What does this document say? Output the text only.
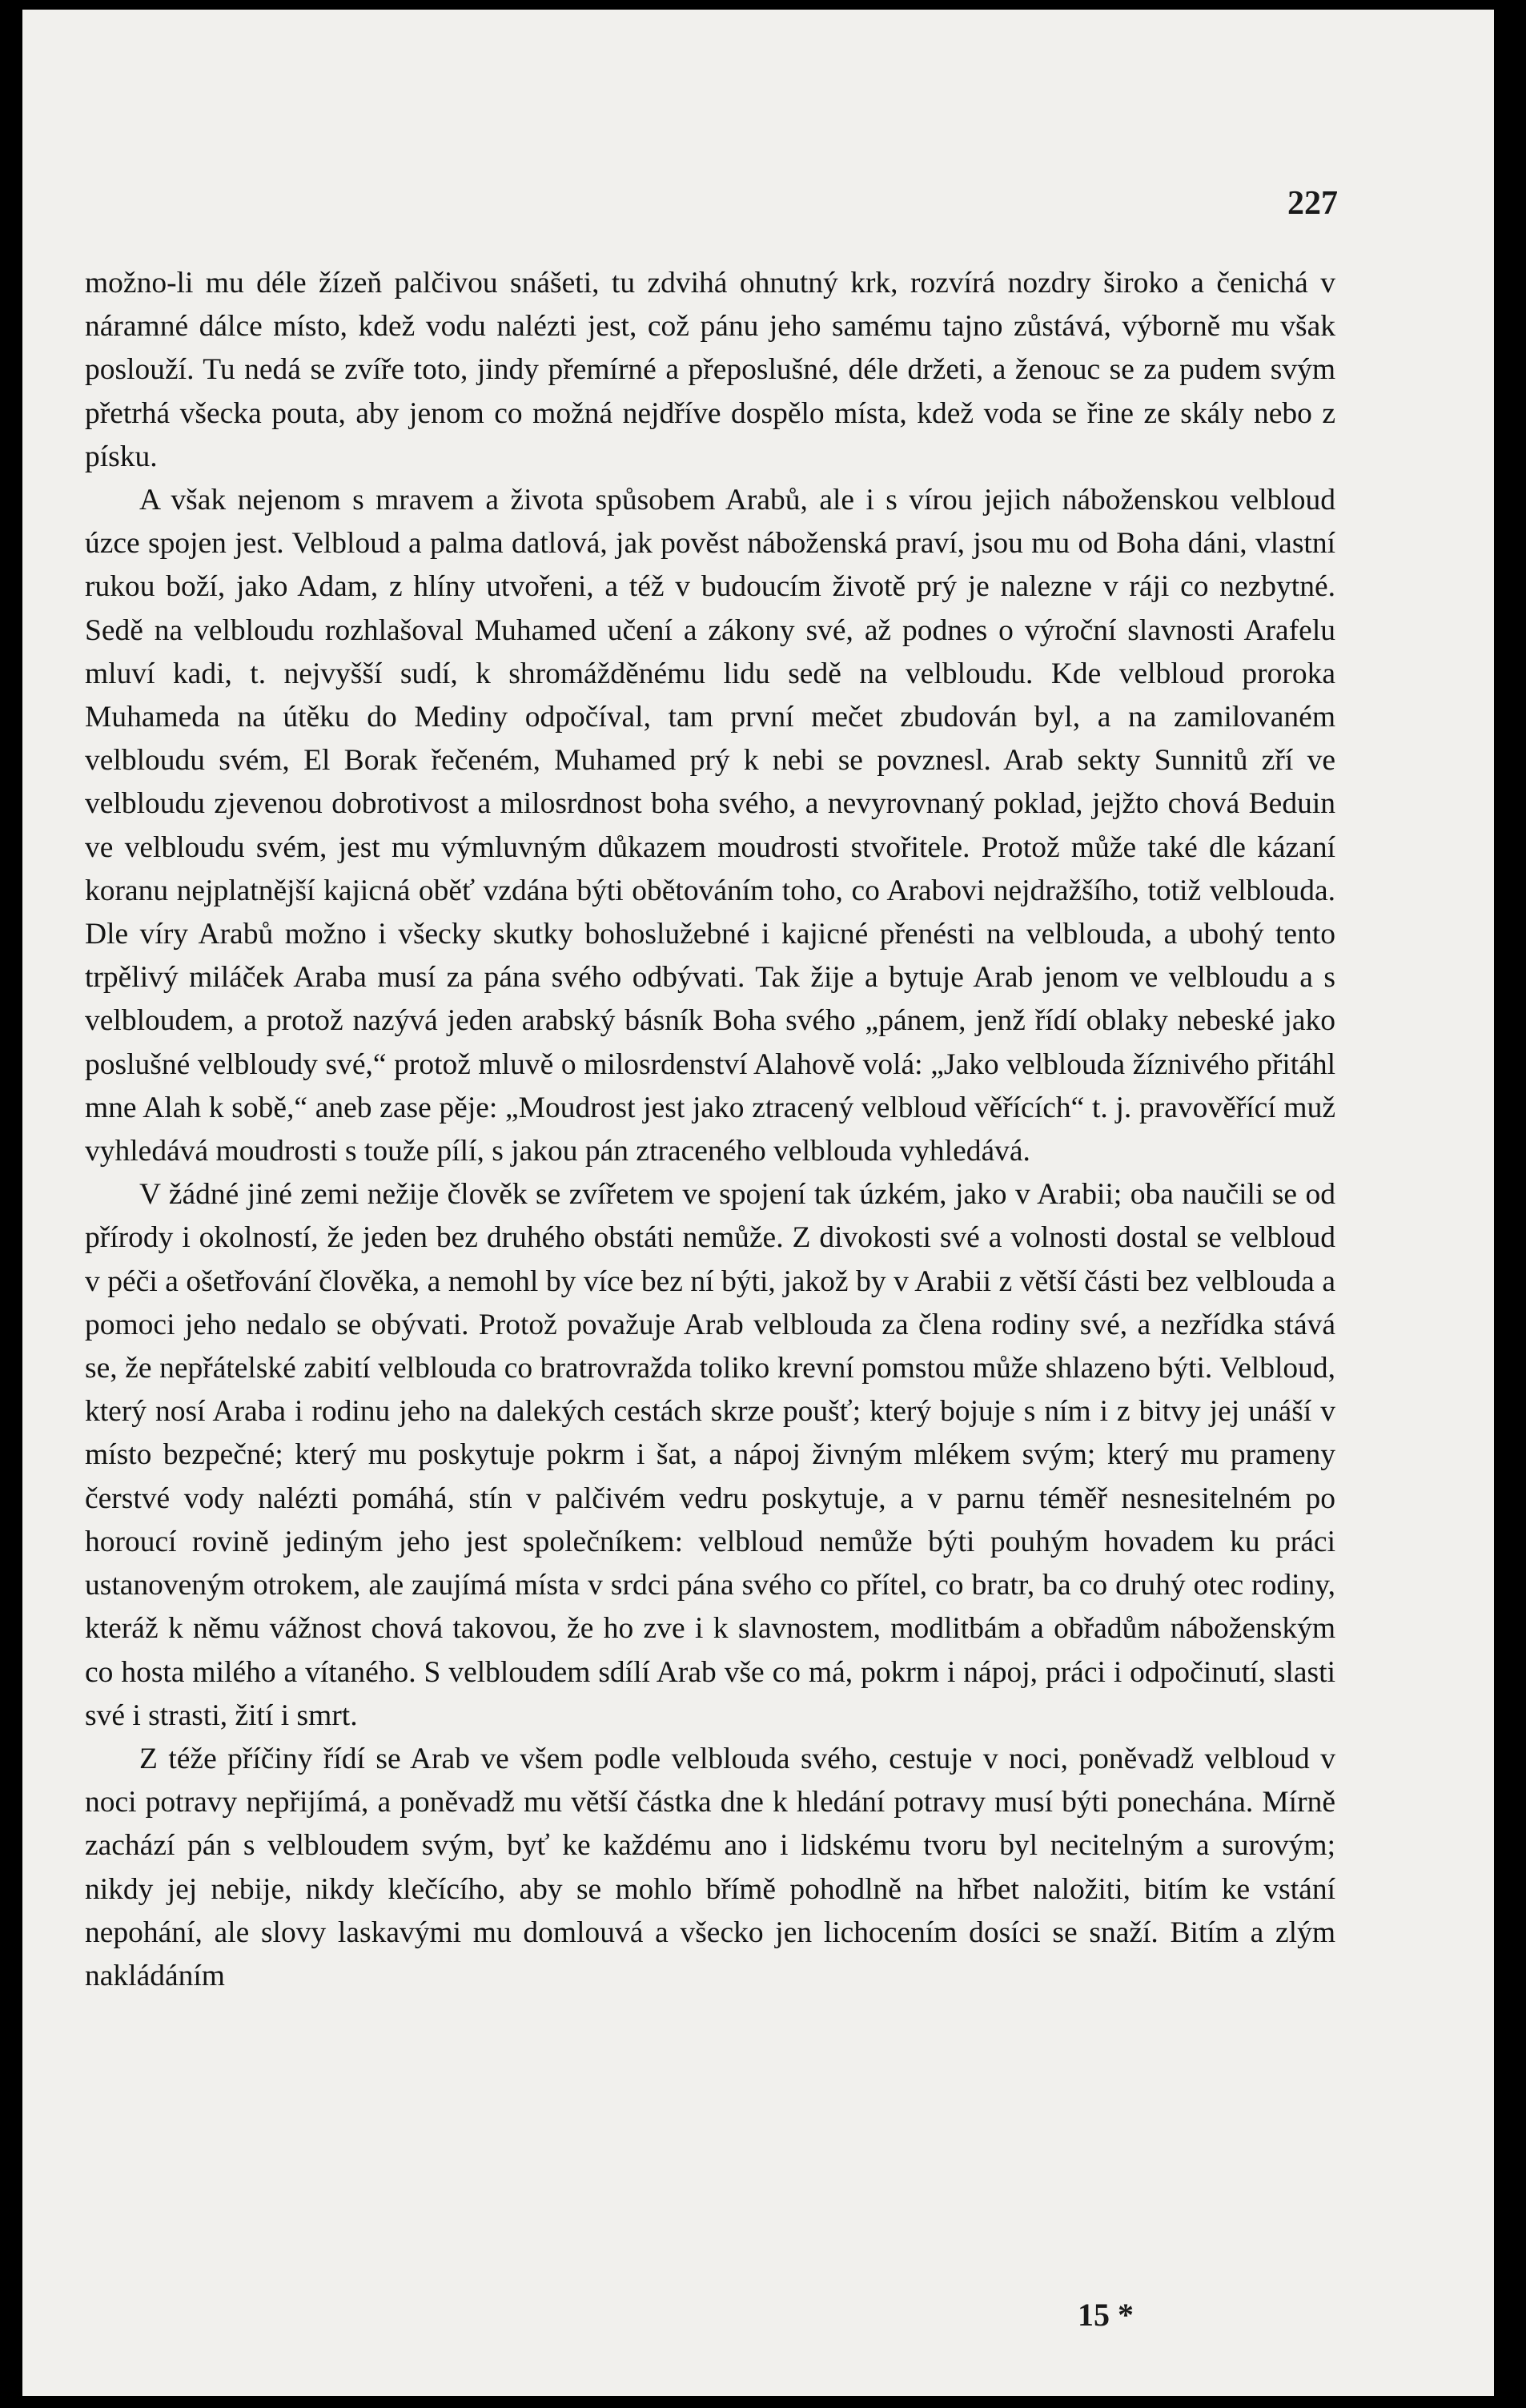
227

možno-li mu déle žízeň palčivou snášeti, tu zdvihá ohnutný krk, rozvírá nozdry široko a čenichá v náramné dálce místo, kdež vodu nalézti jest, což pánu jeho samému tajno zůstává, výborně mu však poslouží. Tu nedá se zvíře toto, jindy přemírné a přeposlušné, déle držeti, a ženouc se za pudem svým přetrhá všecka pouta, aby jenom co možná nejdříve dospělo místa, kdež voda se řine ze skály nebo z písku.

A však nejenom s mravem a života spůsobem Arabů, ale i s vírou jejich náboženskou velbloud úzce spojen jest. Velbloud a palma datlová, jak pověst náboženská praví, jsou mu od Boha dáni, vlastní rukou boží, jako Adam, z hlíny utvořeni, a též v budoucím životě prý je nalezne v ráji co nezbytné. Sedě na velbloudu rozhlašoval Muhamed učení a zákony své, až podnes o výroční slavnosti Arafelu mluví kadi, t. nejvyšší sudí, k shromážděnému lidu sedě na velbloudu. Kde velbloud proroka Muhameda na útěku do Mediny odpočíval, tam první mečet zbudován byl, a na zamilovaném velbloudu svém, El Borak řečeném, Muhamed prý k nebi se povznesl. Arab sekty Sunnitů zří ve velbloudu zjevenou dobrotivost a milosrdnost boha svého, a nevyrovnaný poklad, jejžto chová Beduin ve velbloudu svém, jest mu výmluvným důkazem moudrosti stvořitele. Protož může také dle kázaní koranu nejplatnější kajicná oběť vzdána býti obětováním toho, co Arabovi nejdražšího, totiž velblouda. Dle víry Arabů možno i všecky skutky bohoslužebné i kajicné přenésti na velblouda, a ubohý tento trpělivý miláček Araba musí za pána svého odbývati. Tak žije a bytuje Arab jenom ve velbloudu a s velbloudem, a protož nazývá jeden arabský básník Boha svého „pánem, jenž řídí oblaky nebeské jako poslušné velbloudy své,“ protož mluvě o milosrdenství Alahově volá: „Jako velblouda žíznivého přitáhl mne Alah k sobě,“ aneb zase pěje: „Moudrost jest jako ztracený velbloud věřících“ t. j. pravověřící muž vyhledává moudrosti s touže pílí, s jakou pán ztraceného velblouda vyhledává.

V žádné jiné zemi nežije člověk se zvířetem ve spojení tak úzkém, jako v Arabii; oba naučili se od přírody i okolností, že jeden bez druhého obstáti nemůže. Z divokosti své a volnosti dostal se velbloud v péči a ošetřování člověka, a nemohl by více bez ní býti, jakož by v Arabii z větší části bez velblouda a pomoci jeho nedalo se obývati. Protož považuje Arab velblouda za člena rodiny své, a nezřídka stává se, že nepřátelské zabití velblouda co bratrovražda toliko krevní pomstou může shlazeno býti. Velbloud, který nosí Araba i rodinu jeho na dalekých cestách skrze poušť; který bojuje s ním i z bitvy jej unáší v místo bezpečné; který mu poskytuje pokrm i šat, a nápoj živným mlékem svým; který mu prameny čerstvé vody nalézti pomáhá, stín v palčivém vedru poskytuje, a v parnu téměř nesnesitelném po horoucí rovině jediným jeho jest společníkem: velbloud nemůže býti pouhým hovadem ku práci ustanoveným otrokem, ale zaujímá místa v srdci pána svého co přítel, co bratr, ba co druhý otec rodiny, kteráž k němu vážnost chová takovou, že ho zve i k slavnostem, modlitbám a obřadům náboženským co hosta milého a vítaného. S velbloudem sdílí Arab vše co má, pokrm i nápoj, práci i odpočinutí, slasti své i strasti, žití i smrt.

Z téže příčiny řídí se Arab ve všem podle velblouda svého, cestuje v noci, poněvadž velbloud v noci potravy nepřijímá, a poněvadž mu větší částka dne k hledání potravy musí býti ponechána. Mírně zachází pán s velbloudem svým, byť ke každému ano i lidskému tvoru byl necitelným a surovým; nikdy jej nebije, nikdy klečícího, aby se mohlo břímě pohodlně na hřbet naložiti, bitím ke vstání nepohání, ale slovy laskavými mu domlouvá a všecko jen lichocením dosíci se snaží. Bitím a zlým nakládáním

15 *
